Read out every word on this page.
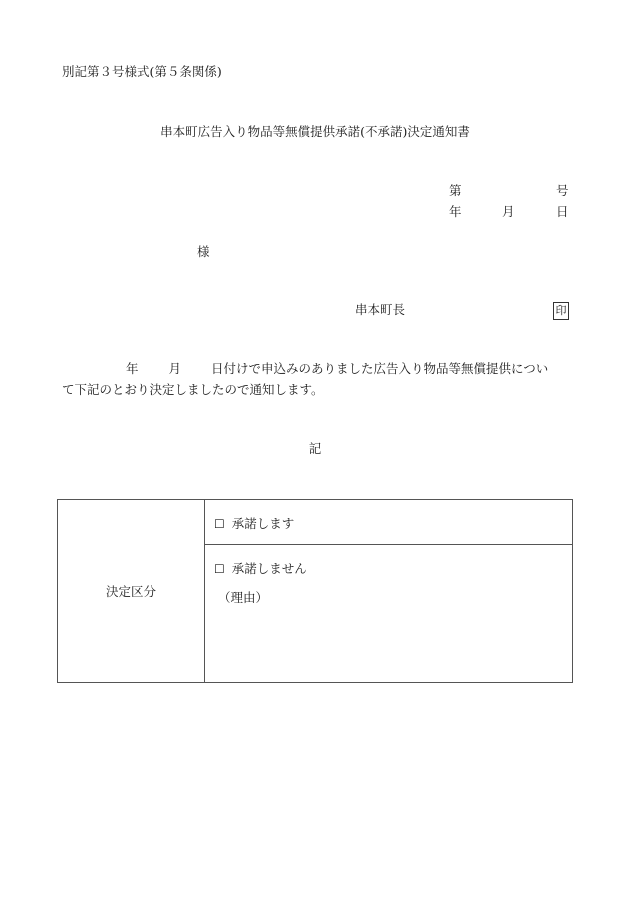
別記第３号様式(第５条関係)
串本町広告入り物品等無償提供承諾(不承諾)決定通知書
第	号
年	月	日
様
串本町長	印
年 月 日付けで申込みのありました広告入り物品等無償提供につい
て下記のとおり決定しましたので通知します。
記
決定区分	
☐ 承諾します

☐ 承諾しません
（理由）
